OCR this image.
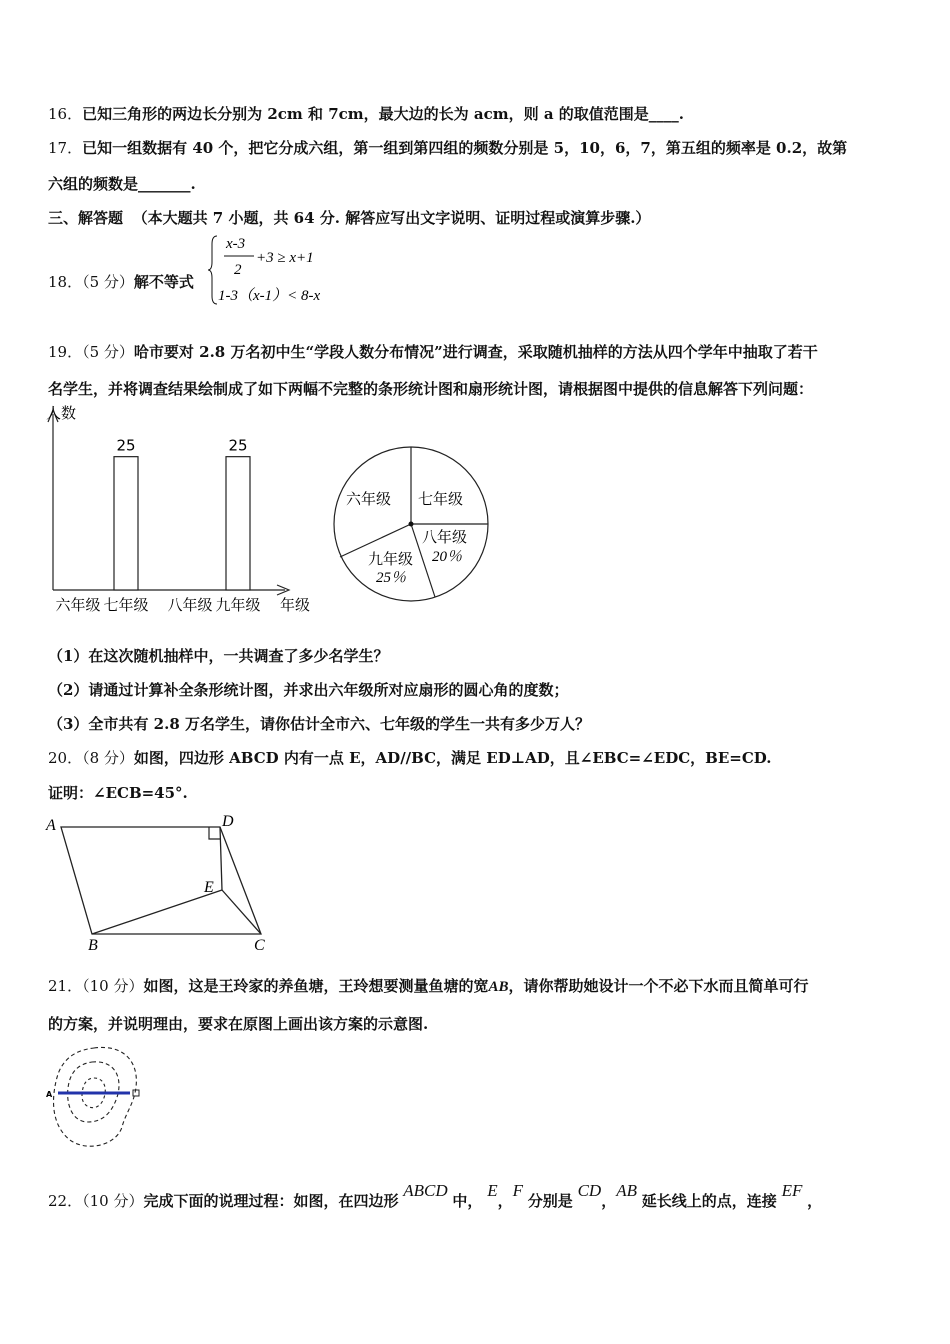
16．已知三角形的两边长分别为 2cm 和 7cm，最大边的长为 acm，则 a 的取值范围是____.
17．已知一组数据有 40 个，把它分成六组，第一组到第四组的频数分别是 5，10，6，7，第五组的频率是 0.2，故第
六组的频数是_______.
三、解答题 （本大题共 7 小题，共 64 分. 解答应写出文字说明、证明过程或演算步骤.）
18．（5 分）解不等式
x-3
2
+3 ≥ x+1
1-3（x-1）< 8-x
19．（5 分）哈市要对 2.8 万名初中生“学段人数分布情况”进行调查，采取随机抽样的方法从四个学年中抽取了若干
名学生，并将调查结果绘制成了如下两幅不完整的条形统计图和扇形统计图，请根据图中提供的信息解答下列问题：
人数
年级
六年级 七年级
25
八年级 九年级
25
六年级 七年级
八年级
20％
九年级
25％
（1）在这次随机抽样中，一共调查了多少名学生？
（2）请通过计算补全条形统计图，并求出六年级所对应扇形的圆心角的度数；
（3）全市共有 2.8 万名学生，请你估计全市六、七年级的学生一共有多少万人？
20．（8 分）如图，四边形 ABCD 内有一点 E，AD//BC，满足 ED⊥AD，且∠EBC=∠EDC，BE=CD.
证明：∠ECB=45°.
A	D
E
B	C
21．（10 分）如图，这是王玲家的养鱼塘，王玲想要测量鱼塘的宽AB，请你帮助她设计一个不必下水而且简单可行
的方案，并说明理由，要求在原图上画出该方案的示意图.
A	B
22．（10 分）完成下面的说理过程：如图，在四边形 ABCD 中， E，F 分别是 CD，AB 延长线上的点，连接 EF ，
